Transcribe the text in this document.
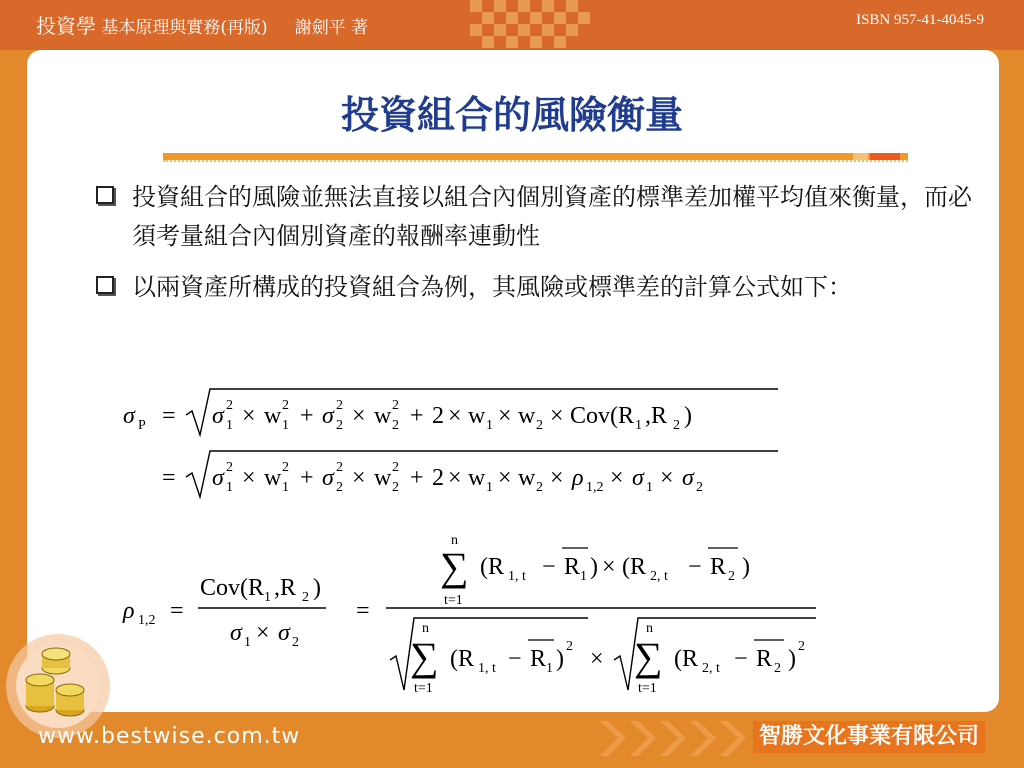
投資學 基本原理與實務(再版) 謝劍平 著	ISBN 957-41-4045-9
投資組合的風險衡量
投資組合的風險並無法直接以組合內個別資產的標準差加權平均值來衡量，而必須考量組合內個別資產的報酬率連動性
以兩資產所構成的投資組合為例，其風險或標準差的計算公式如下：
σ P = σ 1
2 × w 1
2 + σ 2
2 × w 2
2 + 2 × w 1 × w 2 × Cov(R 1 ,R 2 )
= σ 1
2 × w 1
2 + σ 2
2 × w 2
2 + 2 × w 1 × w 2 × ρ 1,2 × σ 1 × σ 2
ρ 1,2 =
Cov(R 1 ,R 2 )
σ 1 × σ 2
=
n
∑
t=1
(R 1, t − R 1 ) × (R 2, t − R 2 )
n
∑
t=1
(R 1, t − R 1 ) 2 ×
n
∑
t=1
(R 2, t − R 2 ) 2
www.bestwise.com.tw	智勝文化事業有限公司
